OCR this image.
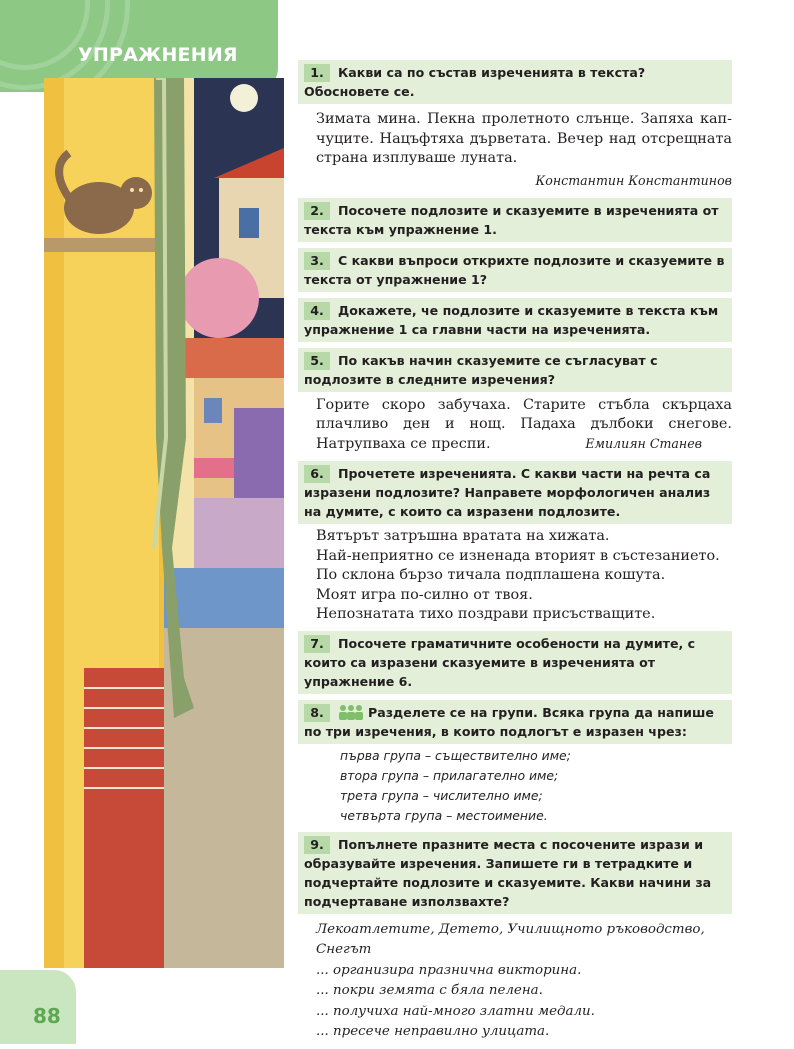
УПРАЖНЕНИЯ
1. Какви са по състав изреченията в текста? Обосновете се.
Зимата мина. Пекна пролетното слънце. Запяха капчуците. Нацъфтяха дърветата. Вечер над отсрещната страна изплуваше луната.
Константин Константинов
2. Посочете подлозите и сказуемите в изреченията от текста към упражнение 1.
3. С какви въпроси открихте подлозите и сказуемите в текста от упражнение 1?
4. Докажете, че подлозите и сказуемите в текста към упражнение 1 са главни части на изреченията.
5. По какъв начин сказуемите се съгласуват с подлозите в следните изречения?
Горите скоро забучаха. Старите стъбла скърцаха плачливо ден и нощ. Падаха дълбоки снегове. Натрупваха се преспи.	Емилиян Станев
6. Прочетете изреченията. С какви части на речта са изразени подлозите? Направете морфологичен анализ на думите, с които са изразени подлозите.
Вятърът затръшна вратата на хижата.
Най-неприятно се изненада вторият в състезанието.
По склона бързо тичала подплашена кошута.
Моят игра по-силно от твоя.
Непознатата тихо поздрави присъстващите.
7. Посочете граматичните особености на думите, с които са изразени сказуемите в изреченията от упражнение 6.
8.	Разделете се на групи. Всяка група да напише по три изречения, в които подлогът е изразен чрез:
първа група – съществително име;
втора група – прилагателно име;
трета група – числително име;
четвърта група – местоимение.
9. Попълнете празните места с посочените изрази и образувайте изречения. Запишете ги в тетрадките и подчертайте подлозите и сказуемите. Какви начини за подчертаване използвахте?
Лекоатлетите, Детето, Училищното ръководство, Снегът
... организира празнична викторина.
... покри земята с бяла пелена.
... получиха най-много златни медали.
... пресече неправилно улицата.
88
